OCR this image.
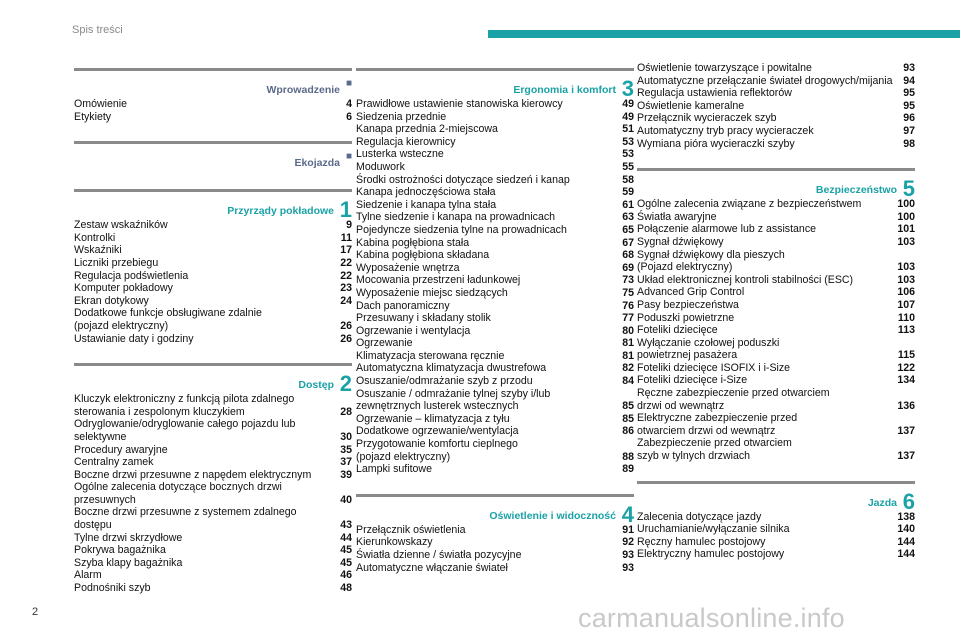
Spis treści
Wprowadzenie
■
Omówienie	4
Etykiety	6
Ekojazda
■
Przyrządy pokładowe 1
Zestaw wskaźników	9
Kontrolki	11
Wskaźniki	17
Liczniki przebiegu	22
Regulacja podświetlenia	22
Komputer pokładowy	23
Ekran dotykowy	24
Dodatkowe funkcje obsługiwane zdalnie
(pojazd elektryczny)	26
Ustawianie daty i godziny	26
Dostęp 2
Kluczyk elektroniczny z funkcją pilota zdalnego sterowania i zespolonym kluczykiem	28
Odryglowanie/odryglowanie całego pojazdu lub selektywne	30
Procedury awaryjne	35
Centralny zamek	37
Boczne drzwi przesuwne z napędem elektrycznym	39
Ogólne zalecenia dotyczące bocznych drzwi przesuwnych	40
Boczne drzwi przesuwne z systemem zdalnego dostępu	43
Tylne drzwi skrzydłowe	44
Pokrywa bagażnika	45
Szyba klapy bagażnika	45
Alarm	46
Podnośniki szyb	48
Ergonomia i komfort 3
Prawidłowe ustawienie stanowiska kierowcy	49
Siedzenia przednie	49
Kanapa przednia 2-miejscowa	51
Regulacja kierownicy	53
Lusterka wsteczne	53
Moduwork	55
Środki ostrożności dotyczące siedzeń i kanap	58
Kanapa jednoczęściowa stała	59
Siedzenie i kanapa tylna stała	61
Tylne siedzenie i kanapa na prowadnicach	63
Pojedyncze siedzenia tylne na prowadnicach	65
Kabina pogłębiona stała	67
Kabina pogłębiona składana	68
Wyposażenie wnętrza	69
Mocowania przestrzeni ładunkowej	73
Wyposażenie miejsc siedzących	75
Dach panoramiczny	76
Przesuwany i składany stolik	77
Ogrzewanie i wentylacja	80
Ogrzewanie	81
Klimatyzacja sterowana ręcznie	81
Automatyczna klimatyzacja dwustrefowa	82
Osuszanie/odmrażanie szyb z przodu	84
Osuszanie / odmrażanie tylnej szyby i/lub zewnętrznych lusterek wstecznych	85
Ogrzewanie – klimatyzacja z tyłu	85
Dodatkowe ogrzewanie/wentylacja	86
Przygotowanie komfortu cieplnego
(pojazd elektryczny)	88
Lampki sufitowe	89
Oświetlenie i widoczność 4
Przełącznik oświetlenia	91
Kierunkowskazy	92
Światła dzienne / światła pozycyjne	93
Automatyczne włączanie świateł	93
Oświetlenie towarzyszące i powitalne	93
Automatyczne przełączanie świateł drogowych/mijania	94
Regulacja ustawienia reflektorów	95
Oświetlenie kameralne	95
Przełącznik wycieraczek szyb	96
Automatyczny tryb pracy wycieraczek	97
Wymiana pióra wycieraczki szyby	98
Bezpieczeństwo 5
Ogólne zalecenia związane z bezpieczeństwem	100
Światła awaryjne	100
Połączenie alarmowe lub z assistance	101
Sygnał dźwiękowy	103
Sygnał dźwiękowy dla pieszych
(Pojazd elektryczny)	103
Układ elektronicznej kontroli stabilności (ESC)	103
Advanced Grip Control	106
Pasy bezpieczeństwa	107
Poduszki powietrzne	110
Foteliki dziecięce	113
Wyłączanie czołowej poduszki
powietrznej pasażera	115
Foteliki dziecięce ISOFIX i i-Size	122
Foteliki dziecięce i-Size	134
Ręczne zabezpieczenie przed otwarciem
drzwi od wewnątrz	136
Elektryczne zabezpieczenie przed
otwarciem drzwi od wewnątrz	137
Zabezpieczenie przed otwarciem
szyb w tylnych drzwiach	137
Jazda 6
Zalecenia dotyczące jazdy	138
Uruchamianie/wyłączanie silnika	140
Ręczny hamulec postojowy	144
Elektryczny hamulec postojowy	144
2	carmanualsonline.info
